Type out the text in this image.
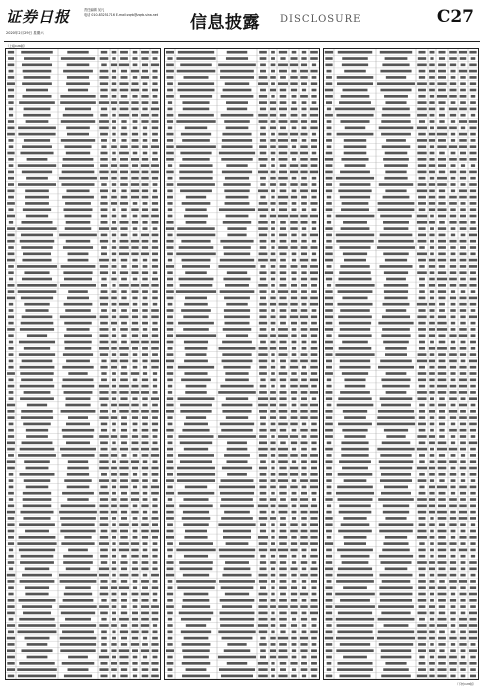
证券日报
2020年2月29日 星期六
责任编辑 吴凡
电话 010-83251716 E-mail:zqrb@zqrb.sina.net 信息披露 DISCLOSURE	C27
（上接C26版）
（下转C28版）
